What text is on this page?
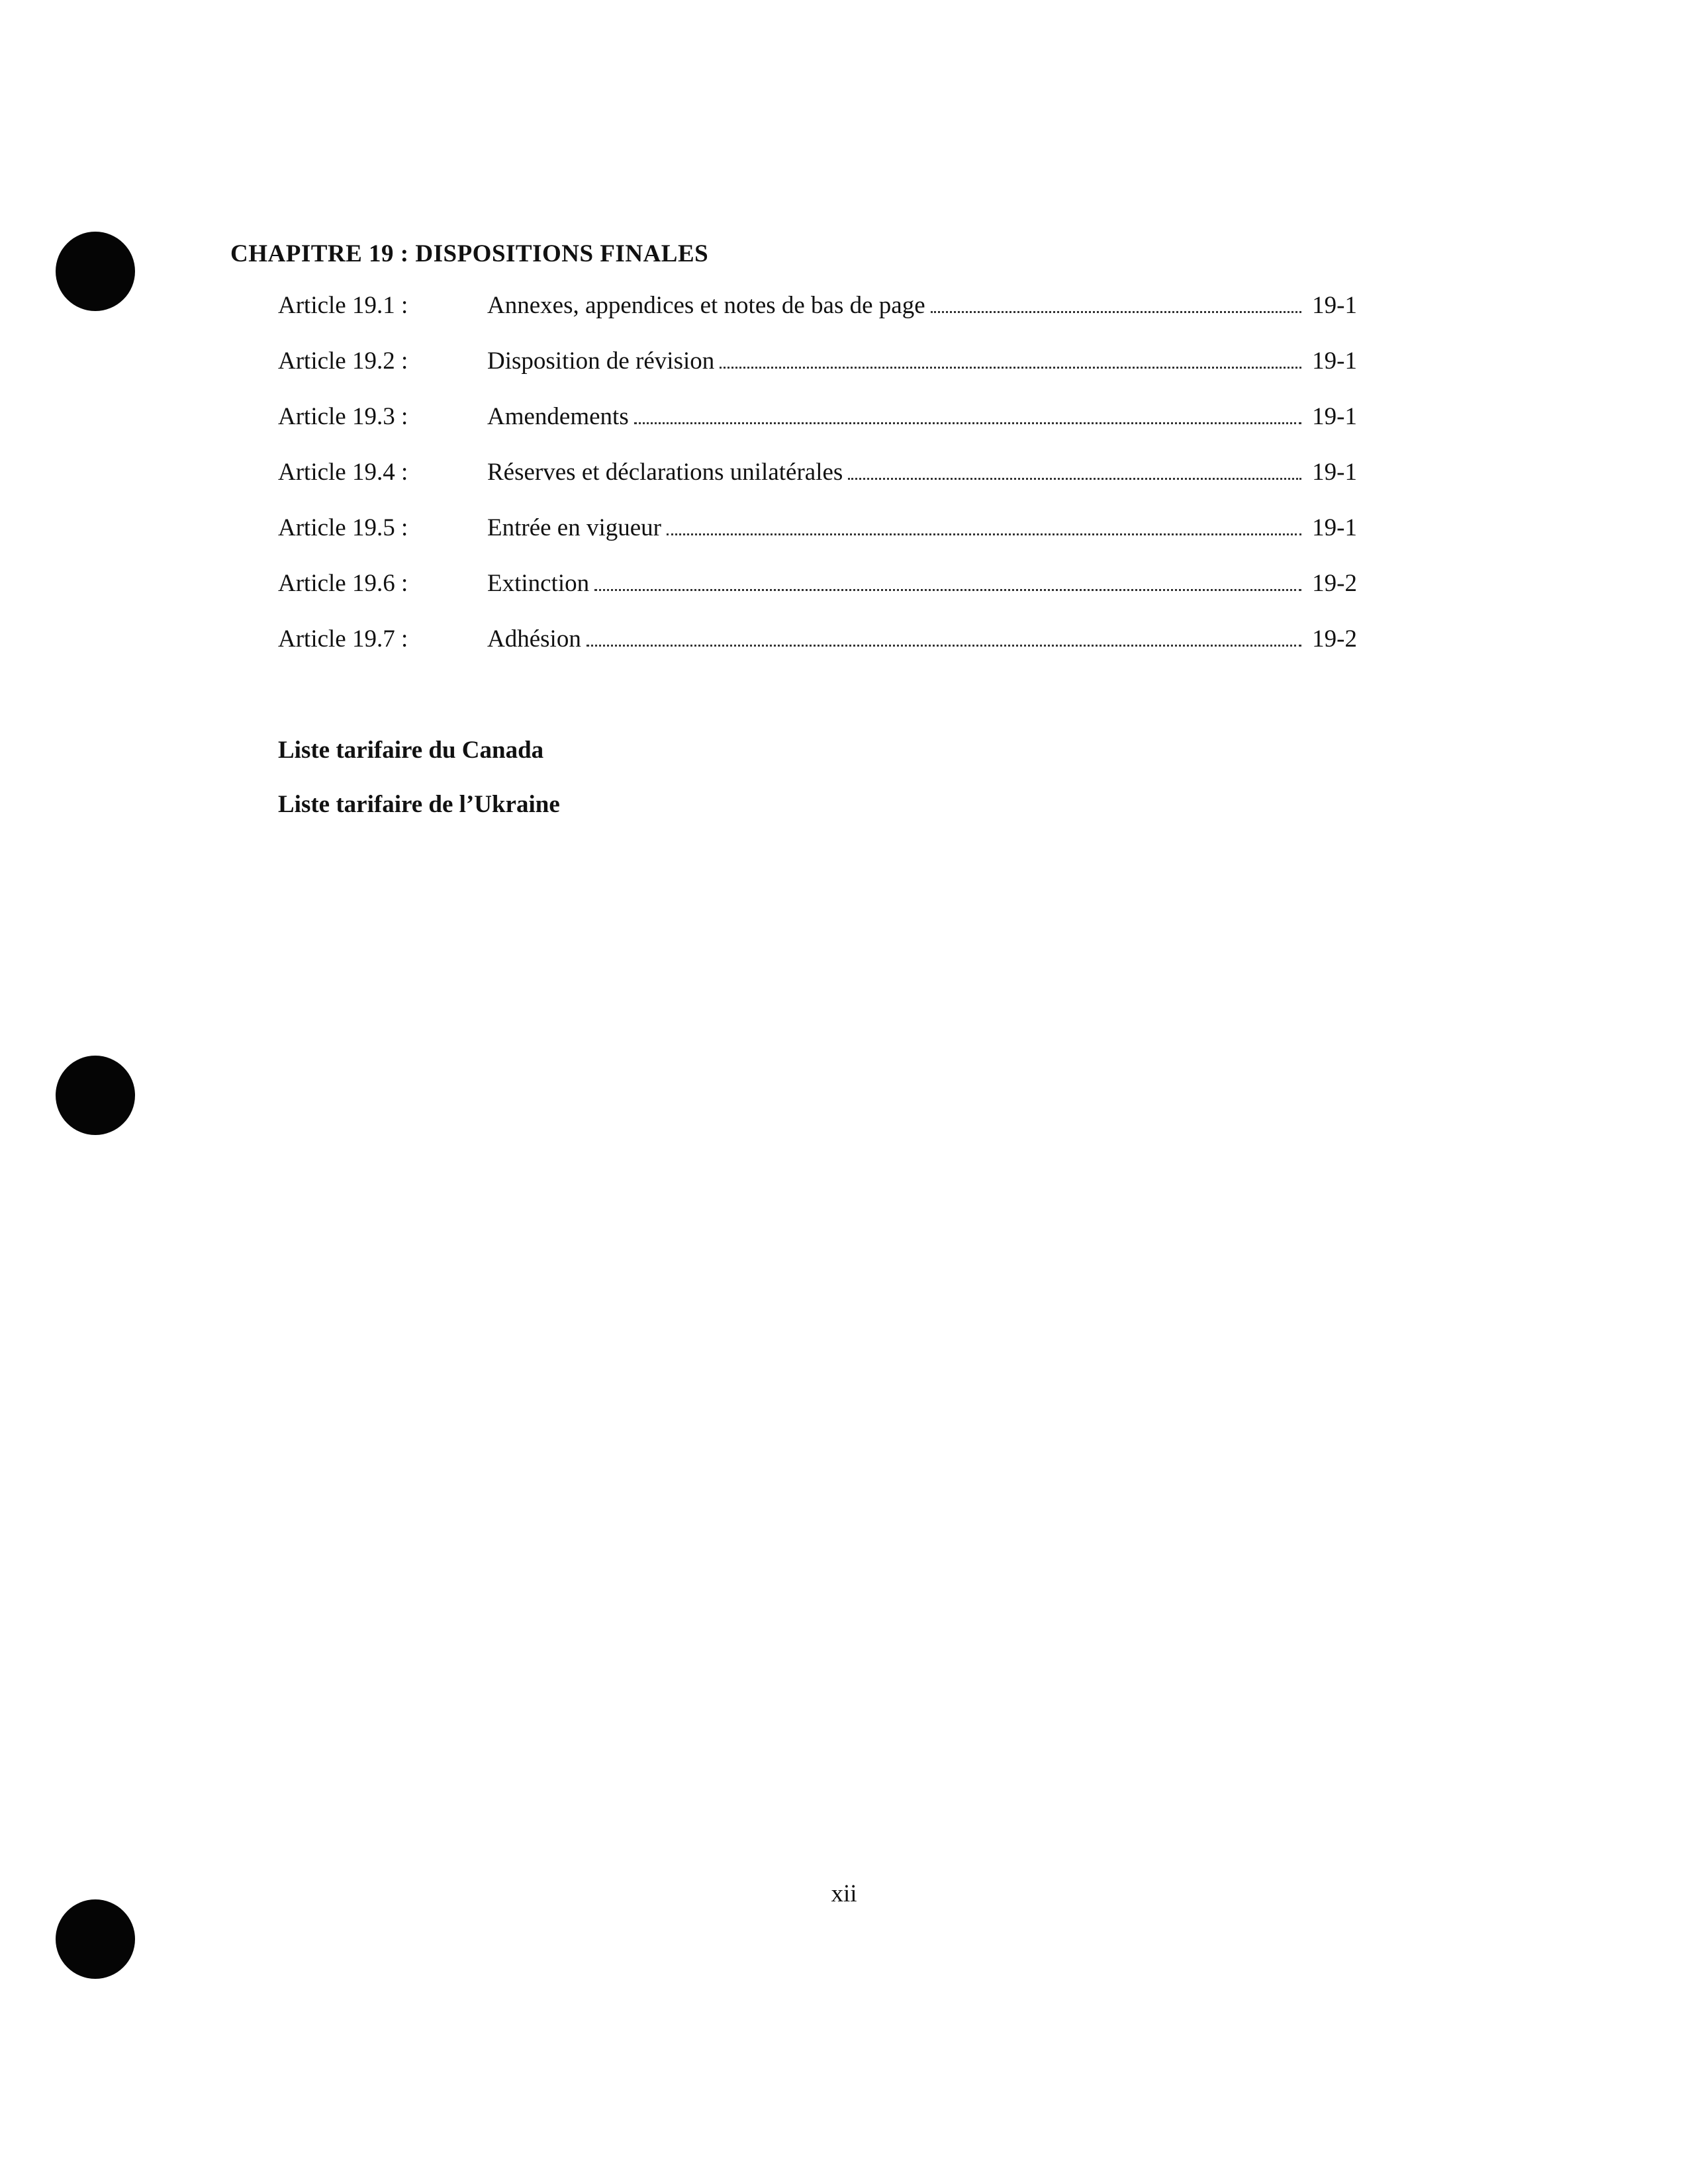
CHAPITRE 19 : DISPOSITIONS FINALES
Article 19.1 :	Annexes, appendices et notes de bas de page	19-1
Article 19.2 :	Disposition de révision	19-1
Article 19.3 :	Amendements	19-1
Article 19.4 :	Réserves et déclarations unilatérales	19-1
Article 19.5 :	Entrée en vigueur	19-1
Article 19.6 :	Extinction	19-2
Article 19.7 :	Adhésion	19-2
Liste tarifaire du Canada
Liste tarifaire de l’Ukraine
xii
